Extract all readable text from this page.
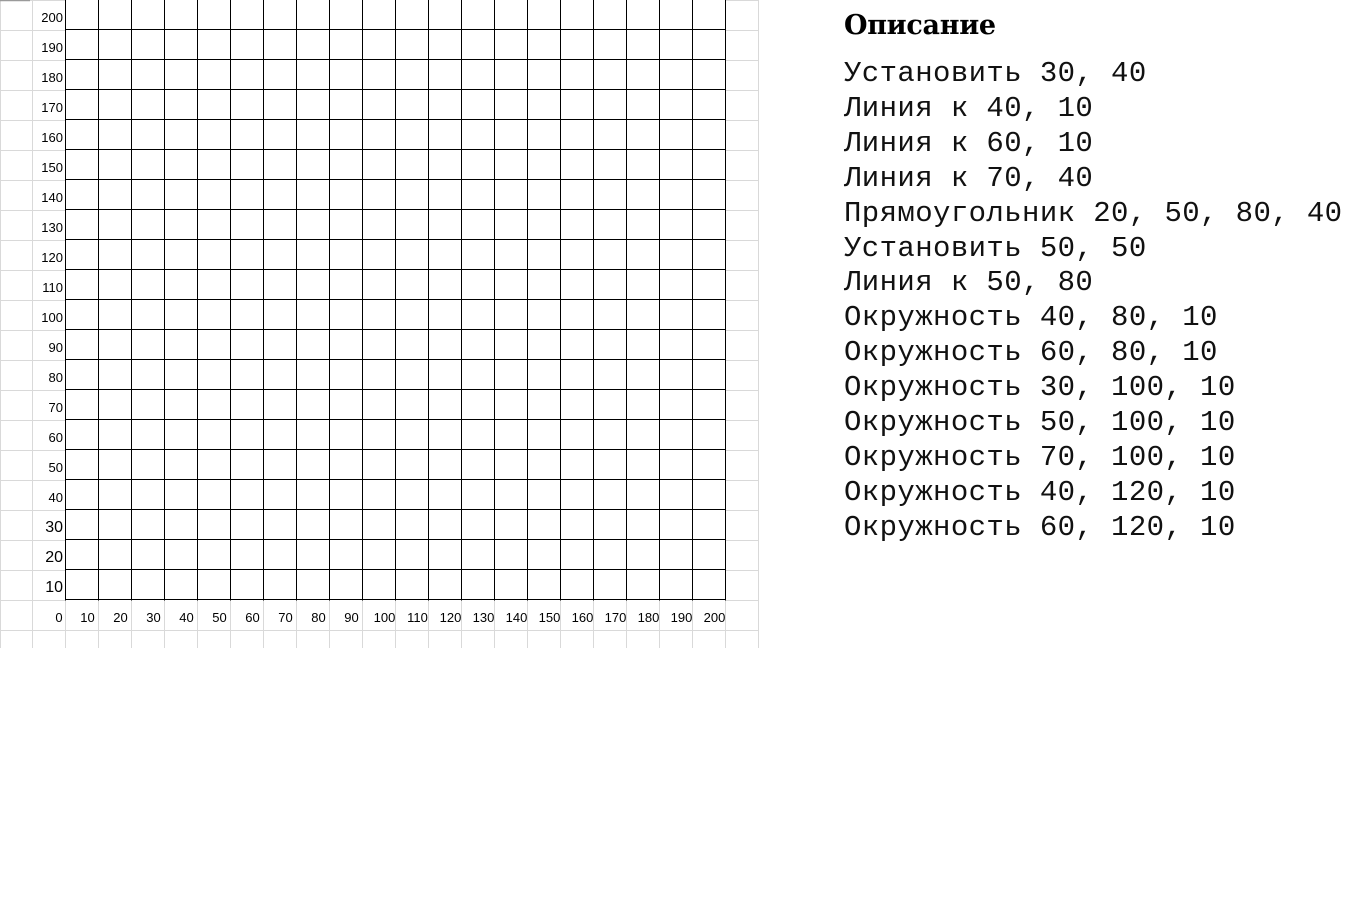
200
190
180
170
160
150
140
130
120
110
100
90
80
70
60
50
40
30
20
10
0 10 20 30 40 50 60 70 80 90 100 110 120 130 140 150 160 170 180 190 200
Описание
Установить 30, 40
Линия к 40, 10
Линия к 60, 10
Линия к 70, 40
Прямоугольник 20, 50, 80, 40
Установить 50, 50
Линия к 50, 80
Окружность 40, 80, 10
Окружность 60, 80, 10
Окружность 30, 100, 10
Окружность 50, 100, 10
Окружность 70, 100, 10
Окружность 40, 120, 10
Окружность 60, 120, 10
